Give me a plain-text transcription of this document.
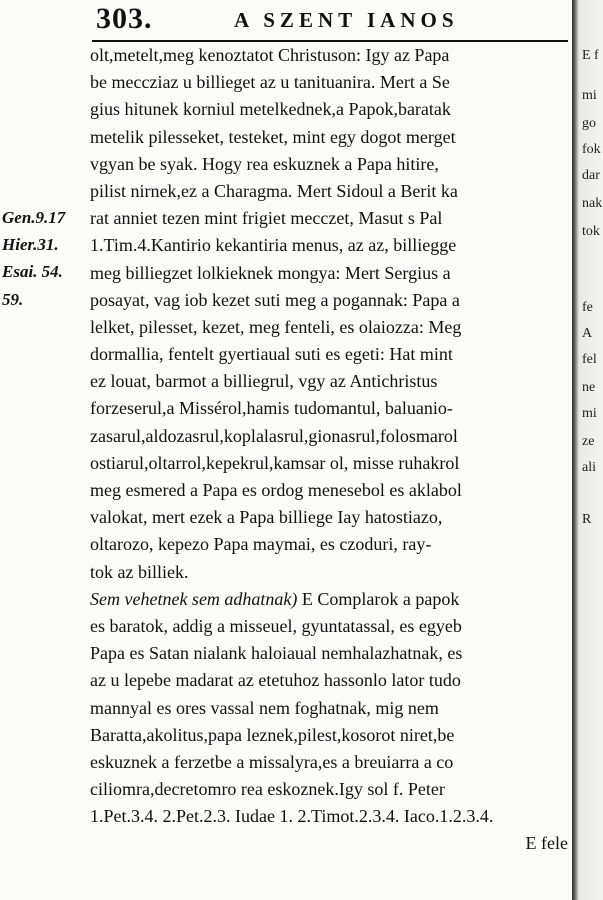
303.	A SZENT IANOS
Gen.9.17
Hier.31.
Esai. 54.
59.
olt,metelt,meg kenoztatot Christuson: Igy az Papa
be meccziaz u billieget az u tanituanira. Mert a Se
gius hitunek korniul metelkednek,a Papok,baratak
metelik pilesseket, testeket, mint egy dogot merget
vgyan be syak. Hogy rea eskuznek a Papa hitire,
pilist nirnek,ez a Charagma. Mert Sidoul a Berit ka
rat anniet tezen mint frigiet mecczet, Masut s Pal
1.Tim.4.Kantirio kekantiria menus, az az, billiegge
meg billiegzet lolkieknek mongya: Mert Sergius a
posayat, vag iob kezet suti meg a pogannak: Papa a
lelket, pilesset, kezet, meg fenteli, es olaiozza: Meg
dormallia, fentelt gyertiaual suti es egeti: Hat mint
ez louat, barmot a billiegrul, vgy az Antichristus
forzeserul,a Missérol,hamis tudomantul, baluanio-
zasarul,aldozasrul,koplalasrul,gionasrul,folosmarol
ostiarul,oltarrol,kepekrul,kamsar ol, misse ruhakrol
meg esmered a Papa es ordog menesebol es aklabol
valokat, mert ezek a Papa billiege Iay hatostiazo,
oltarozo, kepezo Papa maymai, es czoduri, ray-
tok az billiek.
Sem vehetnek sem adhatnak) E Complarok a papok
es baratok, addig a misseuel, gyuntatassal, es egyeb
Papa es Satan nialank haloiaual nemhalazhatnak, es
az u lepebe madarat az etetuhoz hassonlo lator tudo
mannyal es ores vassal nem foghatnak, mig nem
Baratta,akolitus,papa leznek,pilest,kosorot niret,be
eskuznek a ferzetbe a missalyra,es a breuiarra a co
ciliomra,decretomro rea eskoznek.Igy sol f. Peter
1.Pet.3.4. 2.Pet.2.3. Iudae 1. 2.Timot.2.3.4. Iaco.1.2.3.4.
E fele
E f
mi
go
fok
dar
nak
tok
fe
A
fel
ne
mi
ze
ali
R
